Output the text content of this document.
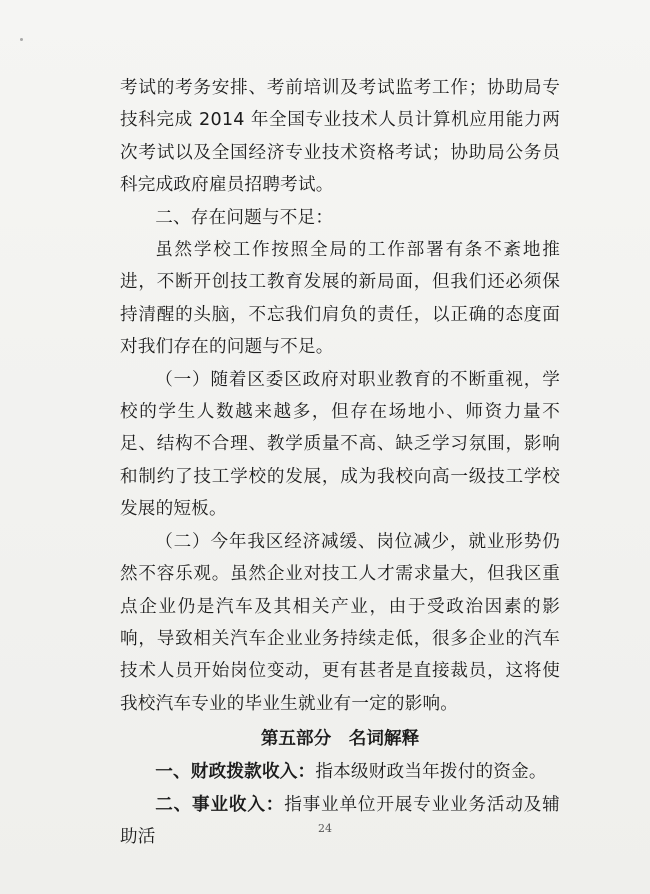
考试的考务安排、考前培训及考试监考工作；协助局专技科完成 2014 年全国专业技术人员计算机应用能力两次考试以及全国经济专业技术资格考试；协助局公务员科完成政府雇员招聘考试。

二、存在问题与不足：

虽然学校工作按照全局的工作部署有条不紊地推进，不断开创技工教育发展的新局面，但我们还必须保持清醒的头脑，不忘我们肩负的责任，以正确的态度面对我们存在的问题与不足。

（一）随着区委区政府对职业教育的不断重视，学校的学生人数越来越多，但存在场地小、师资力量不足、结构不合理、教学质量不高、缺乏学习氛围，影响和制约了技工学校的发展，成为我校向高一级技工学校发展的短板。

（二）今年我区经济减缓、岗位减少，就业形势仍然不容乐观。虽然企业对技工人才需求量大，但我区重点企业仍是汽车及其相关产业，由于受政治因素的影响，导致相关汽车企业业务持续走低，很多企业的汽车技术人员开始岗位变动，更有甚者是直接裁员，这将使我校汽车专业的毕业生就业有一定的影响。

第五部分　名词解释

一、财政拨款收入：指本级财政当年拨付的资金。

二、事业收入：指事业单位开展专业业务活动及辅助活	24
